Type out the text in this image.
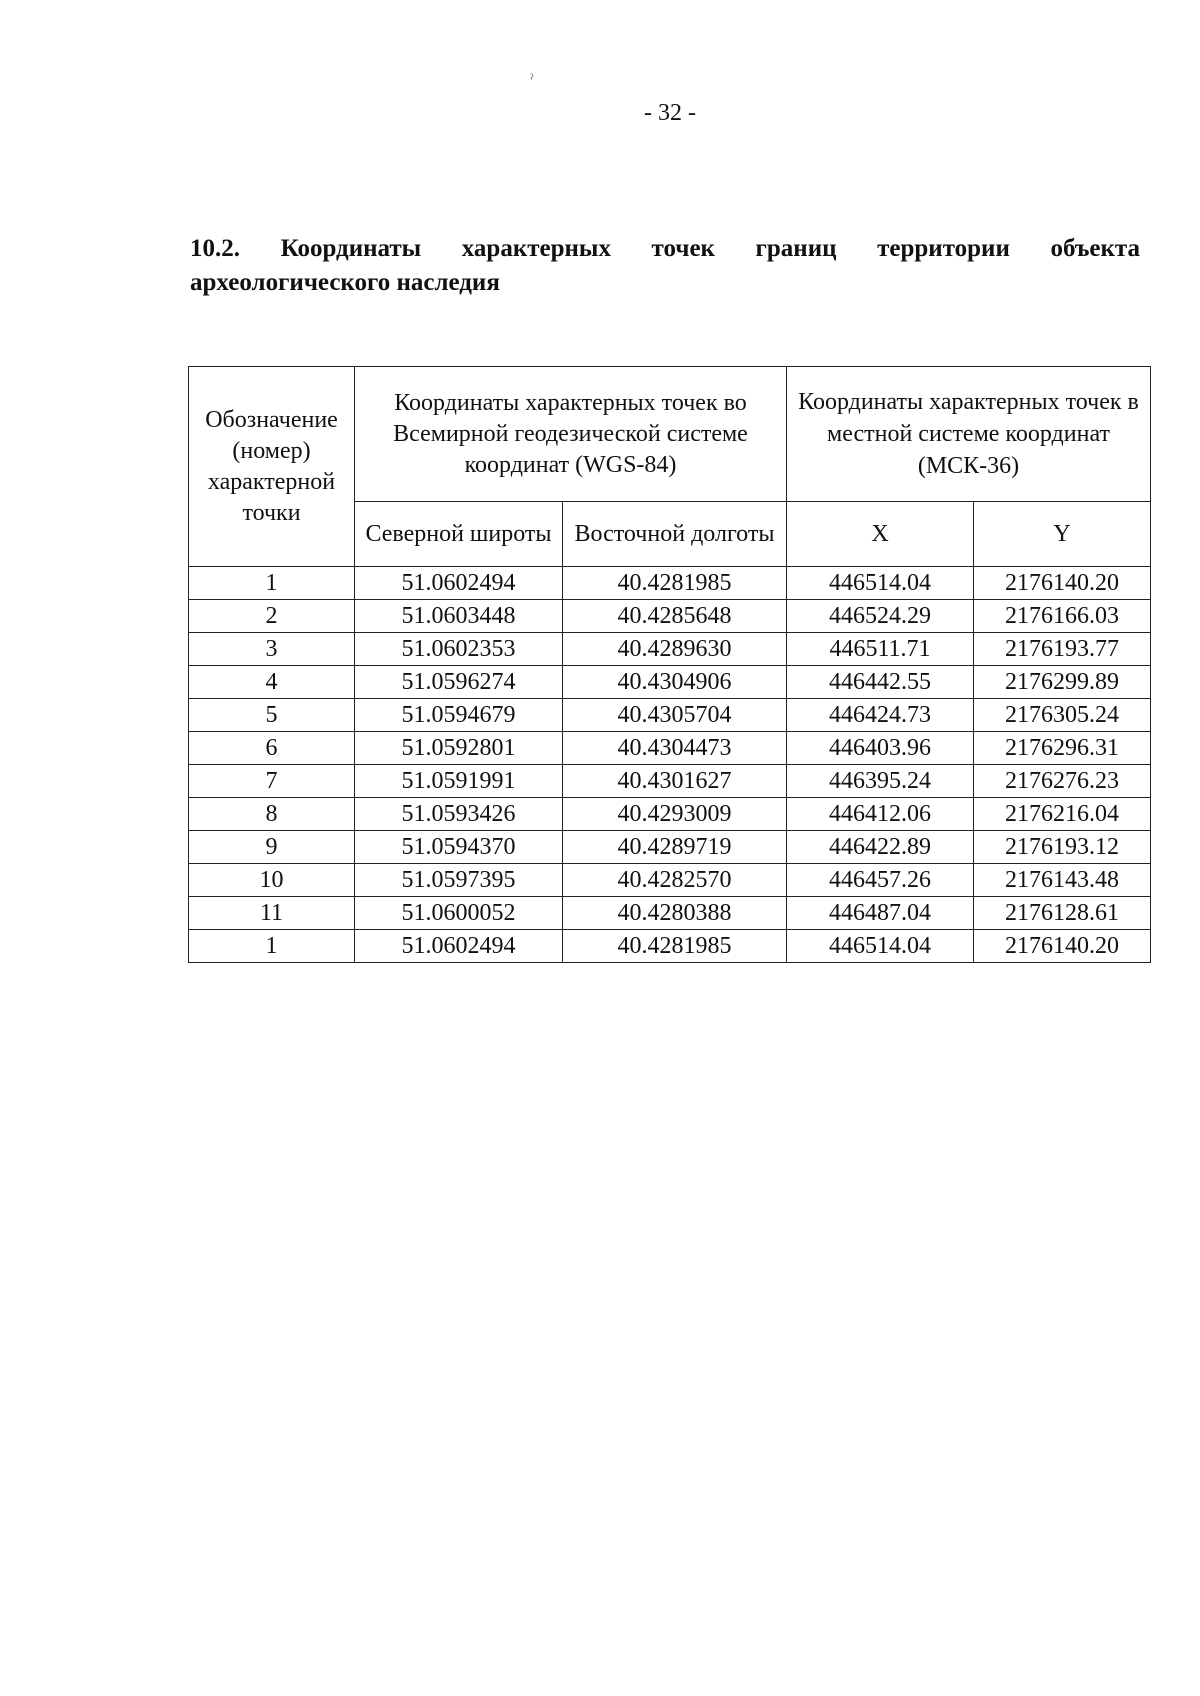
- 32 -
10.2. Координаты характерных точек границ территории объекта
археологического наследия
Обозначение (номер) характерной точки	Координаты характерных точек во Всемирной геодезической системе координат (WGS-84)		Координаты характерных точек в местной системе координат (МСК-36)	
	Северной широты	Восточной долготы	X	Y
1	51.0602494	40.4281985	446514.04	2176140.20
2	51.0603448	40.4285648	446524.29	2176166.03
3	51.0602353	40.4289630	446511.71	2176193.77
4	51.0596274	40.4304906	446442.55	2176299.89
5	51.0594679	40.4305704	446424.73	2176305.24
6	51.0592801	40.4304473	446403.96	2176296.31
7	51.0591991	40.4301627	446395.24	2176276.23
8	51.0593426	40.4293009	446412.06	2176216.04
9	51.0594370	40.4289719	446422.89	2176193.12
10	51.0597395	40.4282570	446457.26	2176143.48
11	51.0600052	40.4280388	446487.04	2176128.61
1	51.0602494	40.4281985	446514.04	2176140.20
ˀ
